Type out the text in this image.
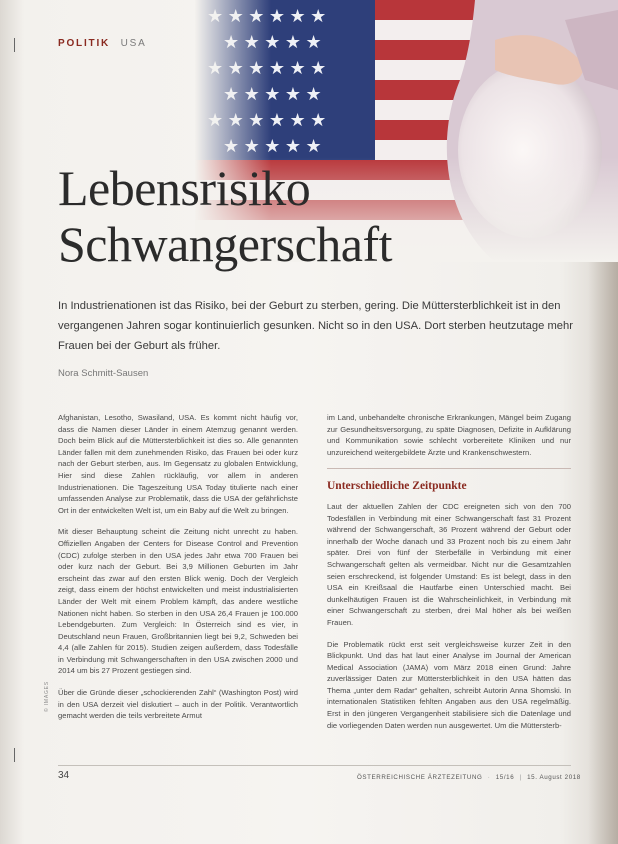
POLITIK USA
Lebensrisiko
Schwangerschaft
In Industrienationen ist das Risiko, bei der Geburt zu sterben, gering. Die Müttersterblichkeit ist in den vergangenen Jahren sogar kontinuierlich gesunken. Nicht so in den USA. Dort sterben heutzutage mehr Frauen bei der Geburt als früher.
Nora Schmitt-Sausen

Afghanistan, Lesotho, Swasiland, USA. Es kommt nicht häufig vor, dass die Namen dieser Länder in einem Atemzug genannt werden. Doch beim Blick auf die Müttersterblichkeit ist dies so. Alle genannten Länder fallen mit dem zunehmenden Risiko, das Frauen bei oder kurz nach der Geburt sterben, aus. Im Gegensatz zu globalen Entwicklung, Hier sind diese Zahlen rückläufig, vor allem in anderen Industrienationen. Die Tageszeitung USA Today titulierte nach einer umfassenden Analyse zur Problematik, dass die USA der gefährlichste Ort in der entwickelten Welt ist, um ein Baby auf die Welt zu bringen.

Mit dieser Behauptung scheint die Zeitung nicht unrecht zu haben. Offiziellen Angaben der Centers for Disease Control and Prevention (CDC) zufolge sterben in den USA jedes Jahr etwa 700 Frauen bei oder kurz nach der Geburt. Bei 3,9 Millionen Geburten im Jahr erscheint das zwar auf den ersten Blick wenig. Doch der Vergleich zeigt, dass einem der höchst entwickelten und meist industrialisierten Länder der Welt mit einem Problem kämpft, das andere westliche Nationen nicht haben. So sterben in den USA 26,4 Frauen je 100.000 Lebendgeburten. Zum Vergleich: In Österreich sind es vier, in Deutschland neun Frauen, Großbritannien liegt bei 9,2, Schweden bei 4,4 (alle Zahlen für 2015). Studien zeigen außerdem, dass Todesfälle in Verbindung mit Schwangerschaften in den USA zwischen 2000 und 2014 um bis 27 Prozent gestiegen sind.

Über die Gründe dieser „schockierenden Zahl“ (Washington Post) wird in den USA derzeit viel diskutiert – auch in der Politik. Verantwortlich gemacht werden die teils verbreitete Armut

im Land, unbehandelte chronische Erkrankungen, Mängel beim Zugang zur Gesundheitsversorgung, zu späte Diagnosen, Defizite in Aufklärung und Kommunikation sowie schlecht vorbereitete Kliniken und nur unzureichend weitergebildete Ärzte und Krankenschwestern.

Unterschiedliche Zeitpunkte

Laut der aktuellen Zahlen der CDC ereigneten sich von den 700 Todesfällen in Verbindung mit einer Schwangerschaft fast 31 Prozent während der Schwangerschaft, 36 Prozent während der Geburt oder innerhalb der Woche danach und 33 Prozent noch bis zu einem Jahr später. Drei von fünf der Sterbefälle in Verbindung mit einer Schwangerschaft gelten als vermeidbar. Nicht nur die Gesamtzahlen seien erschreckend, ist folgender Umstand: Es ist belegt, dass in den USA ein Kreißsaal die Hautfarbe einen Unterschied macht. Bei dunkelhäutigen Frauen ist die Wahrscheinlichkeit, in Verbindung mit einer Schwangerschaft zu sterben, drei Mal höher als bei weißen Frauen.

Die Problematik rückt erst seit vergleichsweise kurzer Zeit in den Blickpunkt. Und das hat laut einer Analyse im Journal der American Medical Association (JAMA) vom März 2018 einen Grund: Jahre zuverlässiger Daten zur Müttersterblichkeit in den USA hätten das Thema „unter dem Radar“ gehalten, schreibt Autorin Anna Shomski. In internationalen Statistiken fehlten Angaben aus den USA regelmäßig. Erst in den jüngeren Vergangenheit stabilisiere sich die Datenlage und die vorliegenden Daten werden nun ausgewertet. Um die Müttersterb-

© IMAGES
34	ÖSTERREICHISCHE ÄRZTEZEITUNG · 15/16 | 15. August 2018
